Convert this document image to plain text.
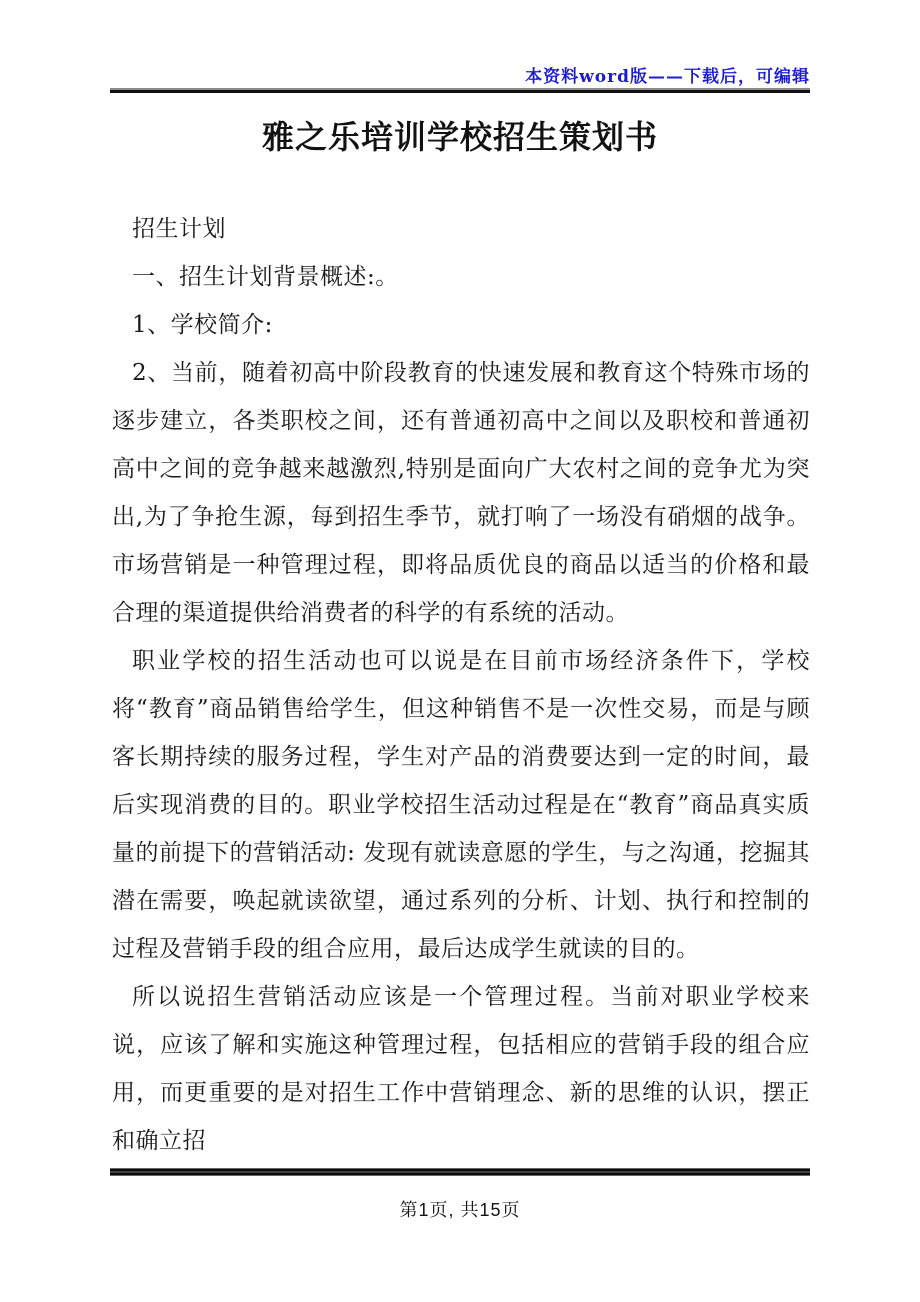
本资料word版——下载后，可编辑
雅之乐培训学校招生策划书

招生计划

一、招生计划背景概述:。

1、学校简介:

2、当前，随着初高中阶段教育的快速发展和教育这个特殊市场的逐步建立，各类职校之间，还有普通初高中之间以及职校和普通初高中之间的竞争越来越激烈,特别是面向广大农村之间的竞争尤为突出,为了争抢生源，每到招生季节，就打响了一场没有硝烟的战争。市场营销是一种管理过程，即将品质优良的商品以适当的价格和最合理的渠道提供给消费者的科学的有系统的活动。

职业学校的招生活动也可以说是在目前市场经济条件下，学校将“教育”商品销售给学生，但这种销售不是一次性交易，而是与顾客长期持续的服务过程，学生对产品的消费要达到一定的时间，最后实现消费的目的。职业学校招生活动过程是在“教育”商品真实质量的前提下的营销活动: 发现有就读意愿的学生，与之沟通，挖掘其潜在需要，唤起就读欲望，通过系列的分析、计划、执行和控制的过程及营销手段的组合应用，最后达成学生就读的目的。

所以说招生营销活动应该是一个管理过程。当前对职业学校来说，应该了解和实施这种管理过程，包括相应的营销手段的组合应用，而更重要的是对招生工作中营销理念、新的思维的认识，摆正和确立招

第1页, 共15页
